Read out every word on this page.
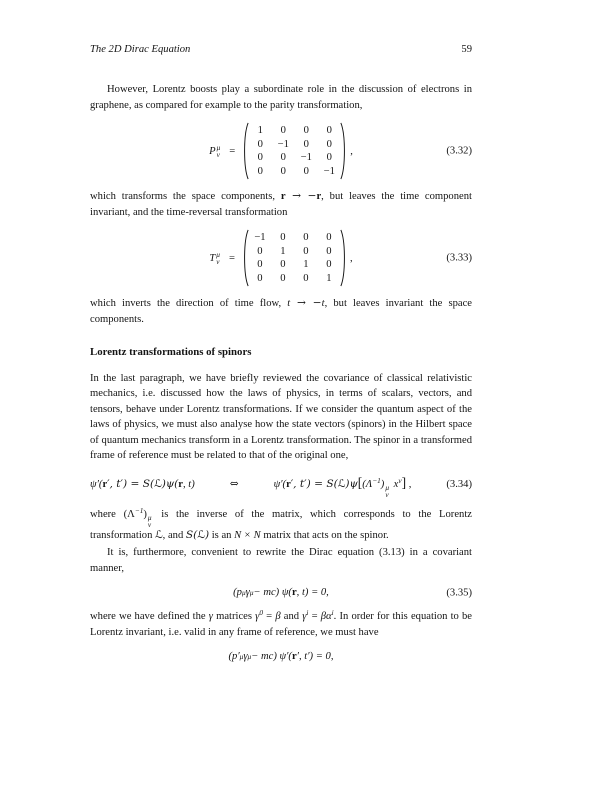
The 2D Dirac Equation	59

However, Lorentz boosts play a subordinate role in the discussion of electrons in graphene, as compared for example to the parity transformation,

P μ
ν =
1	0	0	0
0	−1	0	0
0	0	−1	0
0	0	0	−1
,	(3.32)

which transforms the space components, r → −r, but leaves the time component invariant, and the time-reversal transformation

T μ
ν =
−1	0	0	0
0	1	0	0
0	0	1	0
0	0	0	1
,	(3.33)

which inverts the direction of time flow, t → −t, but leaves invariant the space components.

Lorentz transformations of spinors

In the last paragraph, we have briefly reviewed the covariance of classical relativistic mechanics, i.e. discussed how the laws of physics, in terms of scalars, vectors, and tensors, behave under Lorentz transformations. If we consider the quantum aspect of the laws of physics, we must also analyse how the state vectors (spinors) in the Hilbert space of quantum mechanics transform in a Lorentz transformation. The spinor in a transformed frame of reference must be related to that of the original one,

ψ′(r′, t′) = S(ℒ)ψ(r, t)	⇔	ψ′(r′, $t') = S(ℒ)\psi[(\Lambda^{-1})$ μ
ν
$x^\nu$] ,	(3.34)

where $(\Lambda^{-1})$ μ
ν
is the inverse of the matrix, which corresponds to the Lorentz transformation ℒ, and S(ℒ) is an N × N matrix that acts on the spinor.

It is, furthermore, convenient to rewrite the Dirac equation (3.13) in a covariant manner,

(p μ γ μ − mc ) ψ( r , t) = 0,	(3.35)

where we have defined the γ matrices $\gamma^0 = \beta$ and $\gamma^i = \beta\alpha^i$. In order for this equation to be Lorentz invariant, i.e. valid in any frame of reference, we must have

(p′ μ γ μ − mc ) ψ′( r ′, t′) = 0,
